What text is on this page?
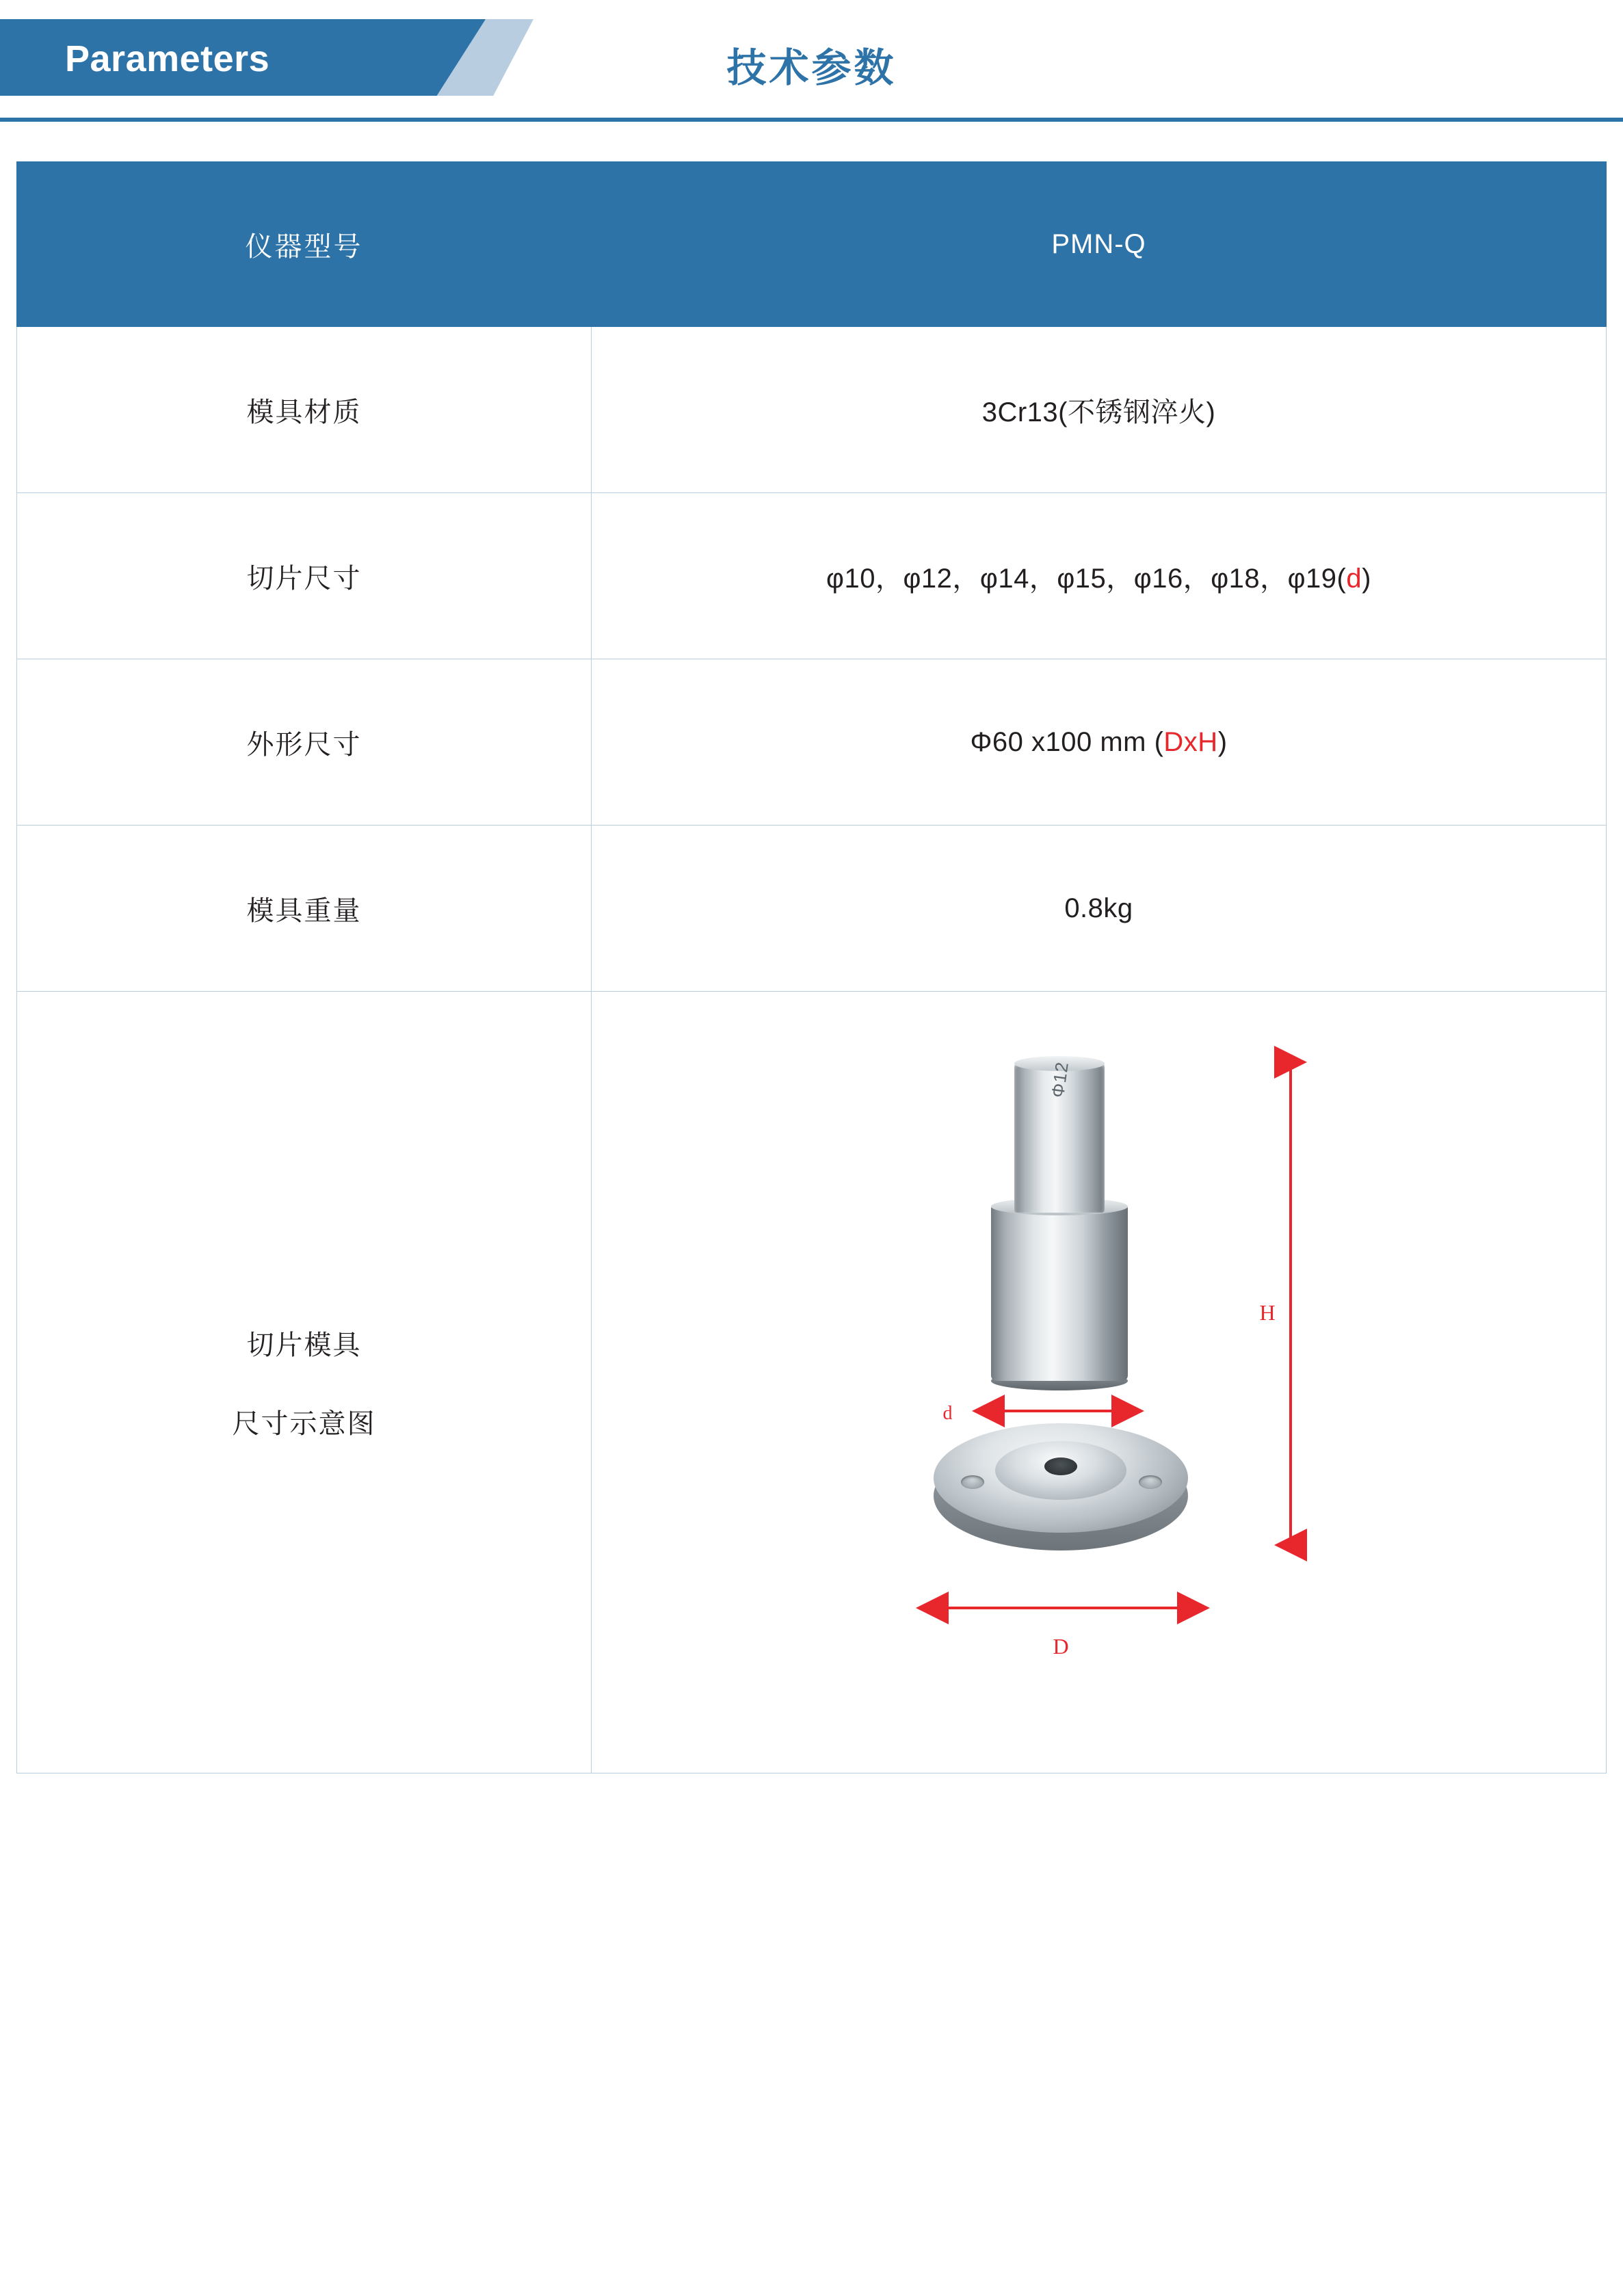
Parameters	技术参数
仪器型号	PMN-Q
模具材质	3Cr13(不锈钢淬火)
切片尺寸	φ10，φ12，φ14，φ15，φ16，φ18，φ19(d)
外形尺寸	Φ60 x100 mm (DxH)
模具重量	0.8kg

切片模具
尺寸示意图

Φ12
H
d
D
